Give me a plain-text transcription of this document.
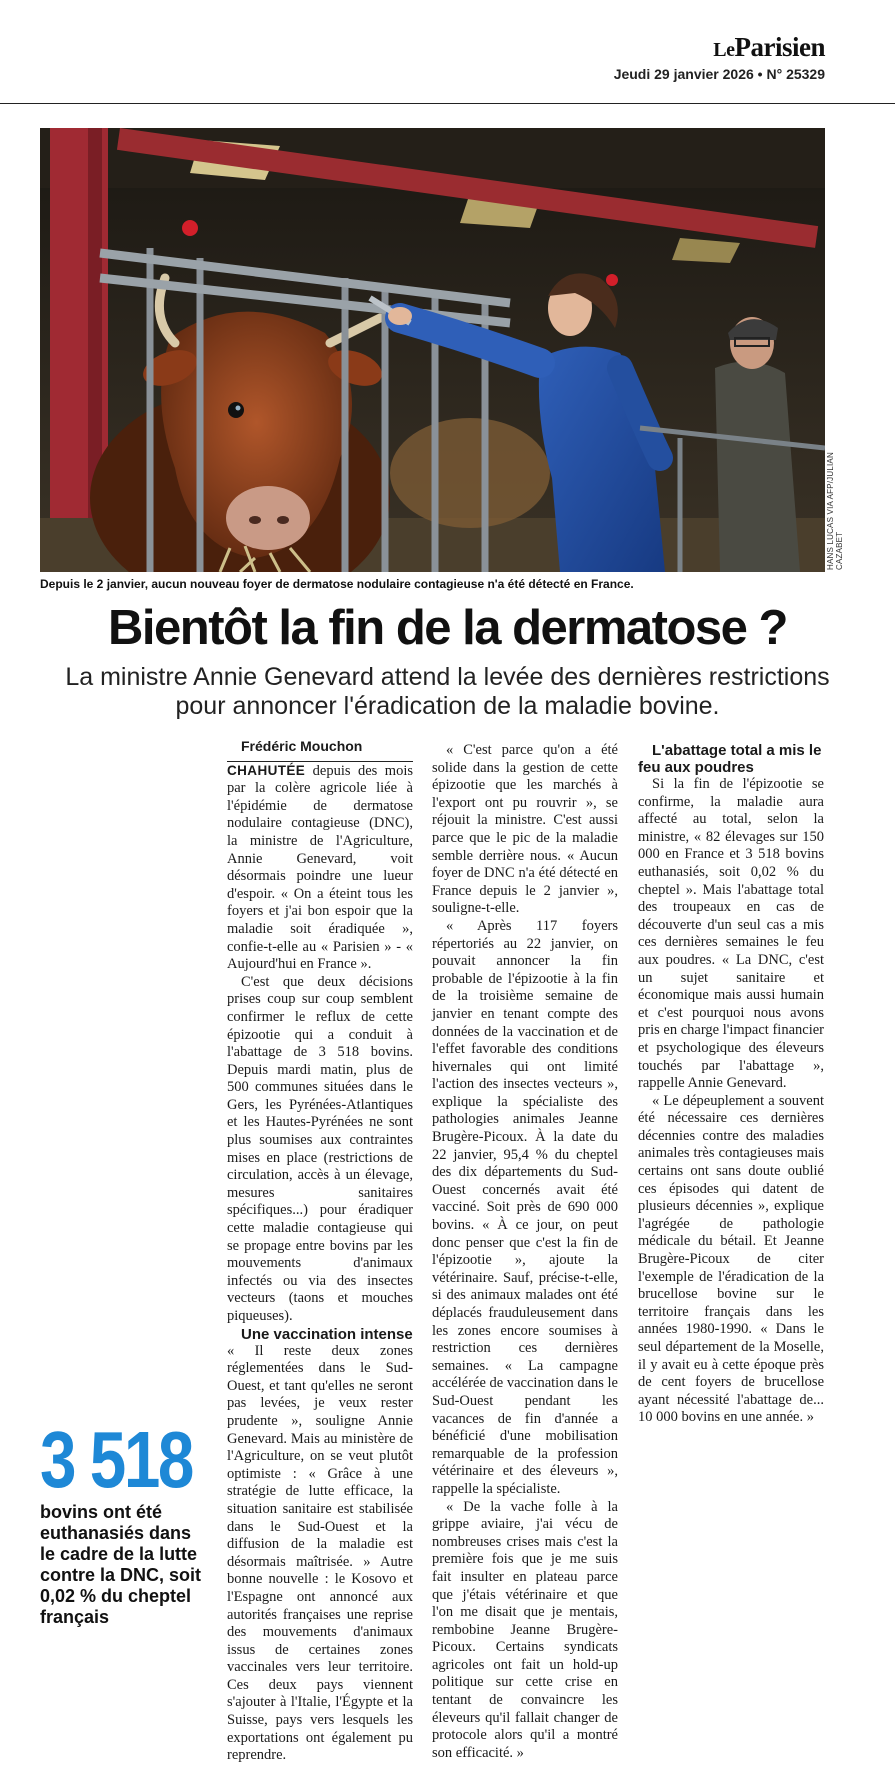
LeParisien
Jeudi 29 janvier 2026 • N° 25329
HANS LUCAS VIA AFP/JULIAN CAZABET
Depuis le 2 janvier, aucun nouveau foyer de dermatose nodulaire contagieuse n'a été détecté en France.
Bientôt la fin de la dermatose ?
La ministre Annie Genevard attend la levée des dernières restrictions pour annoncer l'éradication de la maladie bovine.

Frédéric Mouchon

CHAHUTÉE depuis des mois par la colère agricole liée à l'épidémie de dermatose nodulaire contagieuse (DNC), la ministre de l'Agriculture, Annie Genevard, voit désormais poindre une lueur d'espoir. « On a éteint tous les foyers et j'ai bon espoir que la maladie soit éradiquée », confie-t-elle au « Parisien » - « Aujourd'hui en France ».

C'est que deux décisions prises coup sur coup semblent confirmer le reflux de cette épizootie qui a conduit à l'abattage de 3 518 bovins. Depuis mardi matin, plus de 500 communes situées dans le Gers, les Pyrénées-Atlantiques et les Hautes-Pyrénées ne sont plus soumises aux contraintes mises en place (restrictions de circulation, accès à un élevage, mesures sanitaires spécifiques...) pour éradiquer cette maladie contagieuse qui se propage entre bovins par les mouvements d'animaux infectés ou via des insectes vecteurs (taons et mouches piqueuses).

Une vaccination intense

« Il reste deux zones réglementées dans le Sud-Ouest, et tant qu'elles ne seront pas levées, je veux rester prudente », souligne Annie Genevard. Mais au ministère de l'Agriculture, on se veut plutôt optimiste : « Grâce à une stratégie de lutte efficace, la situation sanitaire est stabilisée dans le Sud-Ouest et la diffusion de la maladie est désormais maîtrisée. » Autre bonne nouvelle : le Kosovo et l'Espagne ont annoncé aux autorités françaises une reprise des mouvements d'animaux issus de certaines zones vaccinales vers leur territoire. Ces deux pays viennent s'ajouter à l'Italie, l'Égypte et la Suisse, pays vers lesquels les exportations ont également pu reprendre.

« C'est parce qu'on a été solide dans la gestion de cette épizootie que les marchés à l'export ont pu rouvrir », se réjouit la ministre. C'est aussi parce que le pic de la maladie semble derrière nous. « Aucun foyer de DNC n'a été détecté en France depuis le 2 janvier », souligne-t-elle.

« Après 117 foyers répertoriés au 22 janvier, on pouvait annoncer la fin probable de l'épizootie à la fin de la troisième semaine de janvier en tenant compte des données de la vaccination et de l'effet favorable des conditions hivernales qui ont limité l'action des insectes vecteurs », explique la spécialiste des pathologies animales Jeanne Brugère-Picoux. À la date du 22 janvier, 95,4 % du cheptel des dix départements du Sud-Ouest concernés avait été vacciné. Soit près de 690 000 bovins. « À ce jour, on peut donc penser que c'est la fin de l'épizootie », ajoute la vétérinaire. Sauf, précise-t-elle, si des animaux malades ont été déplacés frauduleusement dans les zones encore soumises à restriction ces dernières semaines. « La campagne accélérée de vaccination dans le Sud-Ouest pendant les vacances de fin d'année a bénéficié d'une mobilisation remarquable de la profession vétérinaire et des éleveurs », rappelle la spécialiste.

« De la vache folle à la grippe aviaire, j'ai vécu de nombreuses crises mais c'est la première fois que je me suis fait insulter en plateau parce que j'étais vétérinaire et que l'on me disait que je mentais, rembobine Jeanne Brugère-Picoux. Certains syndicats agricoles ont fait un hold-up politique sur cette crise en tentant de convaincre les éleveurs qu'il fallait changer de protocole alors qu'il a montré son efficacité. »

L'abattage total a mis le feu aux poudres

Si la fin de l'épizootie se confirme, la maladie aura affecté au total, selon la ministre, « 82 élevages sur 150 000 en France et 3 518 bovins euthanasiés, soit 0,02 % du cheptel ». Mais l'abattage total des troupeaux en cas de découverte d'un seul cas a mis ces dernières semaines le feu aux poudres. « La DNC, c'est un sujet sanitaire et économique mais aussi humain et c'est pourquoi nous avons pris en charge l'impact financier et psychologique des éleveurs touchés par l'abattage », rappelle Annie Genevard.

« Le dépeuplement a souvent été nécessaire ces dernières décennies contre des maladies animales très contagieuses mais certains ont sans doute oublié ces épisodes qui datent de plusieurs décennies », explique l'agrégée de pathologie médicale du bétail. Et Jeanne Brugère-Picoux de citer l'exemple de l'éradication de la brucellose bovine sur le territoire français dans les années 1980-1990. « Dans le seul département de la Moselle, il y avait eu à cette époque près de cent foyers de brucellose ayant nécessité l'abattage de... 10 000 bovins en une année. »

3 518
bovins ont été euthanasiés dans le cadre de la lutte contre la DNC, soit 0,02 % du cheptel français
